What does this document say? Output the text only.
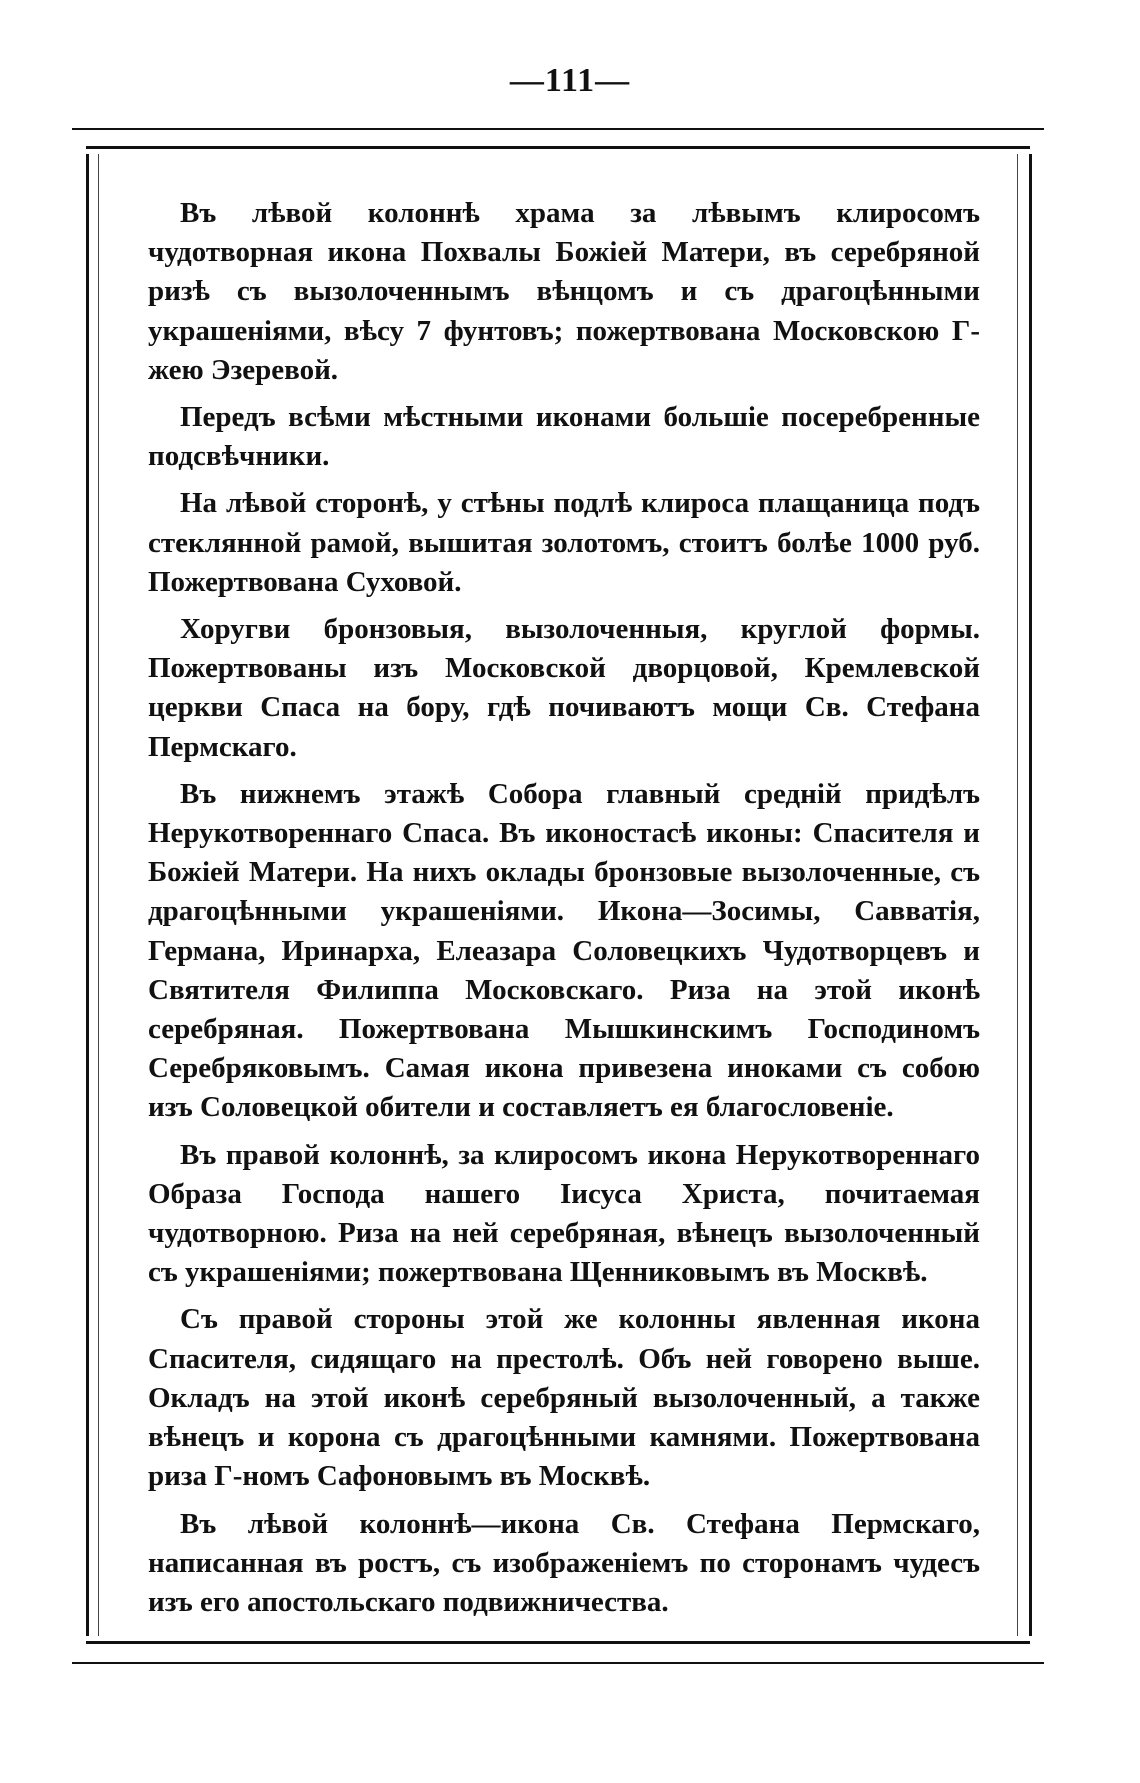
—111—

Въ лѣвой колоннѣ храма за лѣвымъ клиросомъ чудотворная икона Похвалы Божіей Матери, въ серебряной ризѣ съ вызолоченнымъ вѣнцомъ и съ драгоцѣнными украшеніями, вѣсу 7 фунтовъ; пожертвована Московскою Г-жею Эзеревой.

Передъ всѣми мѣстными иконами большіе посеребренные подсвѣчники.

На лѣвой сторонѣ, у стѣны подлѣ клироса плащаница подъ стеклянной рамой, вышитая золотомъ, стоитъ болѣе 1000 руб. Пожертвована Суховой.

Хоругви бронзовыя, вызолоченныя, круглой формы. Пожертвованы изъ Московской дворцовой, Кремлевской церкви Спаса на бору, гдѣ почиваютъ мощи Св. Стефана Пермскаго.

Въ нижнемъ этажѣ Собора главный средній придѣлъ Нерукотвореннаго Спаса. Въ иконостасѣ иконы: Спасителя и Божіей Матери. На нихъ оклады бронзовые вызолоченные, съ драгоцѣнными украшеніями. Икона—Зосимы, Савватія, Германа, Иринарха, Елеазара Соловецкихъ Чудотворцевъ и Святителя Филиппа Московскаго. Риза на этой иконѣ серебряная. Пожертвована Мышкинскимъ Господиномъ Серебряковымъ. Самая икона привезена иноками съ собою изъ Соловецкой обители и составляетъ ея благословеніе.

Въ правой колоннѣ, за клиросомъ икона Нерукотвореннаго Образа Господа нашего Іисуса Христа, почитаемая чудотворною. Риза на ней серебряная, вѣнецъ вызолоченный съ украшеніями; пожертвована Щенниковымъ въ Москвѣ.

Съ правой стороны этой же колонны явленная икона Спасителя, сидящаго на престолѣ. Объ ней говорено выше. Окладъ на этой иконѣ серебряный вызолоченный, а также вѣнецъ и корона съ драгоцѣнными камнями. Пожертвована риза Г-номъ Сафоновымъ въ Москвѣ.

Въ лѣвой колоннѣ—икона Св. Стефана Пермскаго, написанная въ ростъ, съ изображеніемъ по сторонамъ чудесъ изъ его апостольскаго подвижничества.
